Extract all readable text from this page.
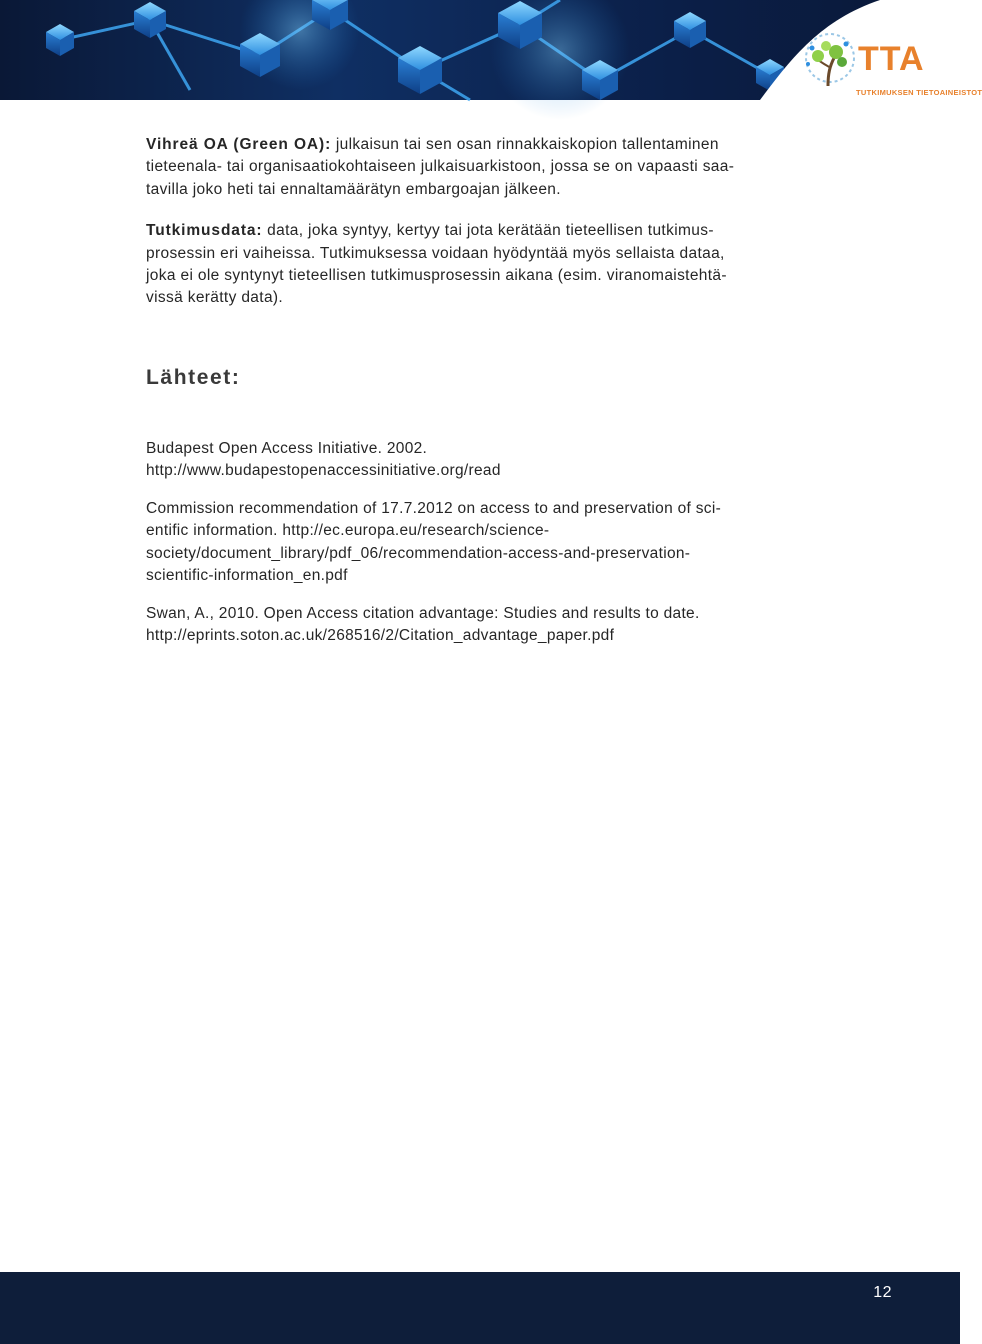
TTA
TUTKIMUKSEN TIETOAINEISTOT

Vihreä OA (Green OA): julkaisun tai sen osan rinnakkaiskopion tallentaminen
tieteenala- tai organisaatiokohtaiseen julkaisuarkistoon, jossa se on vapaasti saa-
tavilla joko heti tai ennaltamäärätyn embargoajan jälkeen.

Tutkimusdata: data, joka syntyy, kertyy tai jota kerätään tieteellisen tutkimus-
prosessin eri vaiheissa. Tutkimuksessa voidaan hyödyntää myös sellaista dataa,
joka ei ole syntynyt tieteellisen tutkimusprosessin aikana (esim. viranomaistehtä-
vissä kerätty data).

Lähteet:
Budapest Open Access Initiative. 2002.
http://www.budapestopenaccessinitiative.org/read
Commission recommendation of 17.7.2012 on access to and preservation of sci-
entific information. http://ec.europa.eu/research/science-
society/document_library/pdf_06/recommendation-access-and-preservation-
scientific-information_en.pdf
Swan, A., 2010. Open Access citation advantage: Studies and results to date.
http://eprints.soton.ac.uk/268516/2/Citation_advantage_paper.pdf
12
